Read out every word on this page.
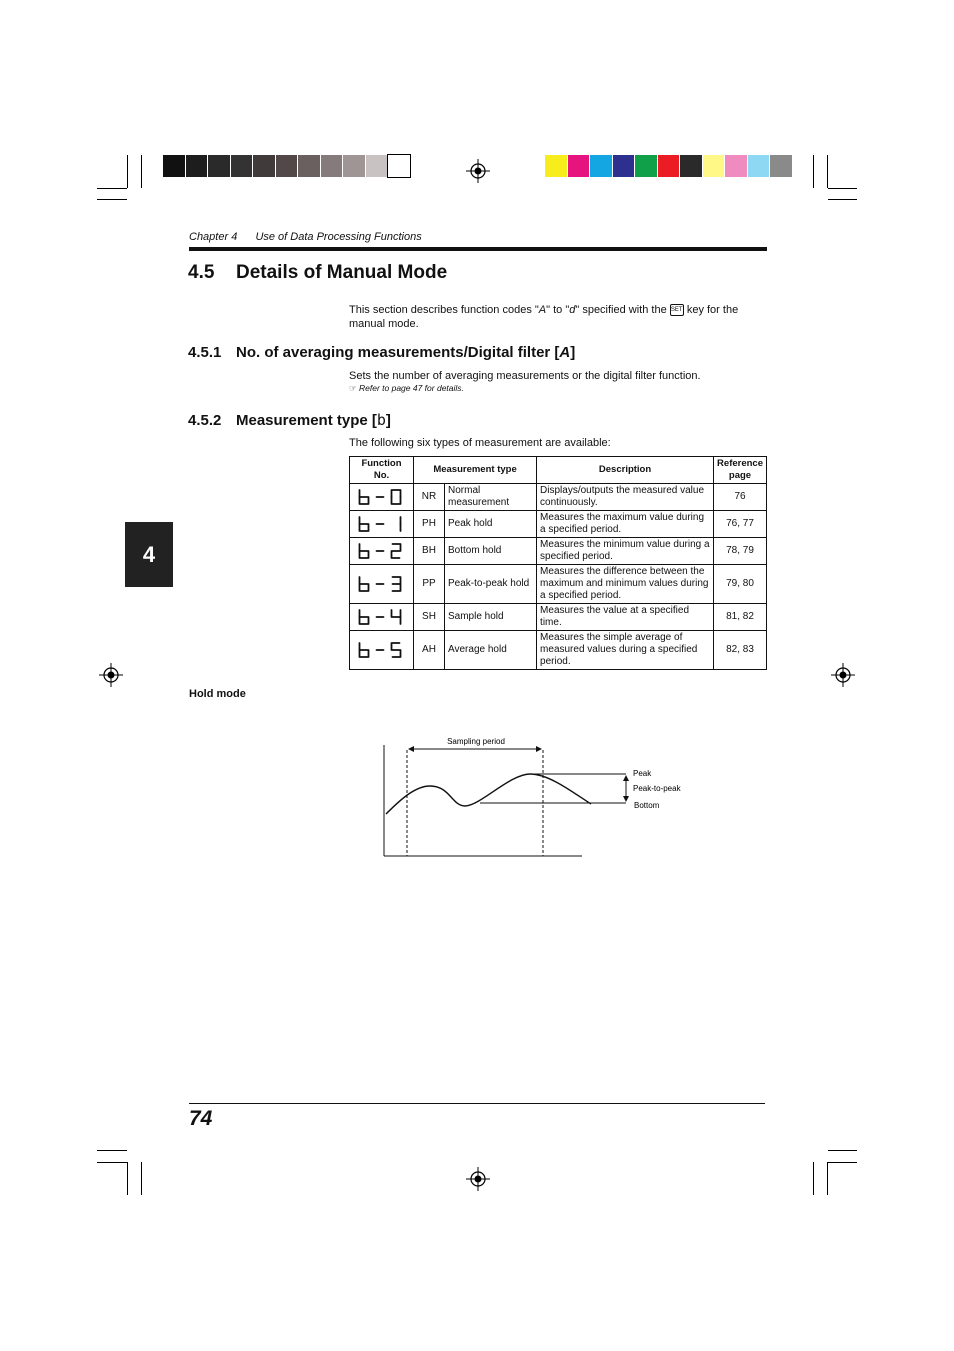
Chapter 4 Use of Data Processing Functions
4.5 Details of Manual Mode
This section describes function codes "A" to "d" specified with the SET key for the
manual mode.
4.5.1 No. of averaging measurements/Digital filter [A]
Sets the number of averaging measurements or the digital filter function.
☞ Refer to page 47 for details.
4.5.2 Measurement type [b]
The following six types of measurement are available:
Function
No.	Measurement type		Description	Reference
page

	NR	Normal measurement	Displays/outputs the measured value continuously.	76

	PH	Peak hold	Measures the maximum value during a specified period.	76, 77

	BH	Bottom hold	Measures the minimum value during a specified period.	78, 79

	PP	Peak-to-peak hold	Measures the difference between the maximum and minimum values during a specified period.	79, 80

	SH	Sample hold	Measures the value at a specified time.	81, 82

	AH	Average hold	Measures the simple average of measured values during a specified period.	82, 83
4
Hold mode
Sampling period
Peak
Peak-to-peak
Bottom
74
